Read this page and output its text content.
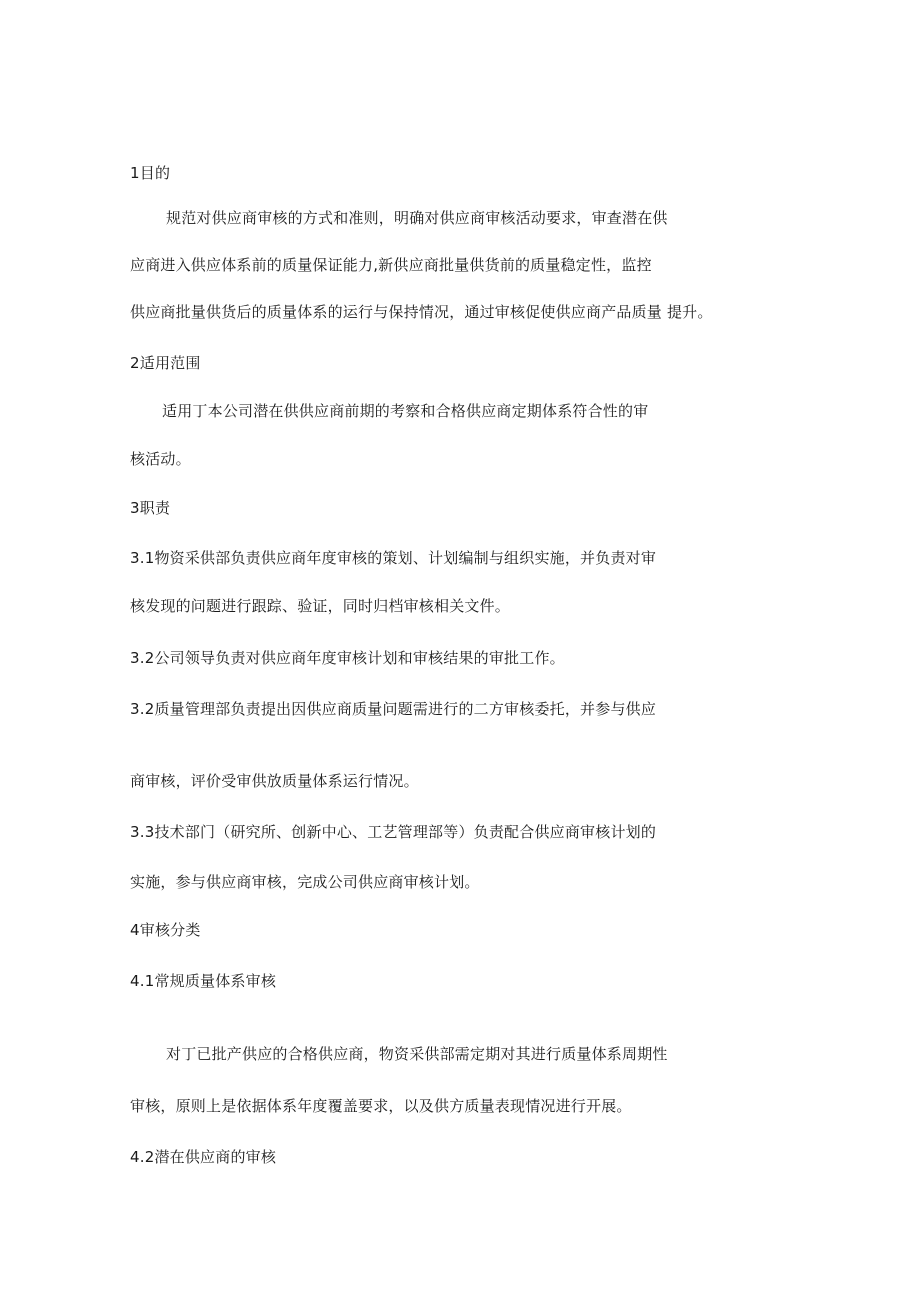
1目的
规范对供应商审核的方式和准则，明确对供应商审核活动要求，审查潜在供
应商进入供应体系前的质量保证能力,新供应商批量供货前的质量稳定性，监控
供应商批量供货后的质量体系的运行与保持情况，通过审核促使供应商产品质量 提升。
2适用范围
适用丁本公司潜在供供应商前期的考察和合格供应商定期体系符合性的审
核活动。
3职责
3.1物资采供部负责供应商年度审核的策划、计划编制与组织实施，并负责对审
核发现的问题进行跟踪、验证，同时归档审核相关文件。
3.2公司领导负责对供应商年度审核计划和审核结果的审批工作。
3.2质量管理部负责提出因供应商质量问题需进行的二方审核委托，并参与供应
商审核，评价受审供放质量体系运行情况。
3.3技术部门（研究所、创新中心、工艺管理部等）负责配合供应商审核计划的
实施，参与供应商审核，完成公司供应商审核计划。
4审核分类
4.1常规质量体系审核
对丁已批产供应的合格供应商，物资采供部需定期对其进行质量体系周期性
审核，原则上是依据体系年度覆盖要求，以及供方质量表现情况进行开展。
4.2潜在供应商的审核
